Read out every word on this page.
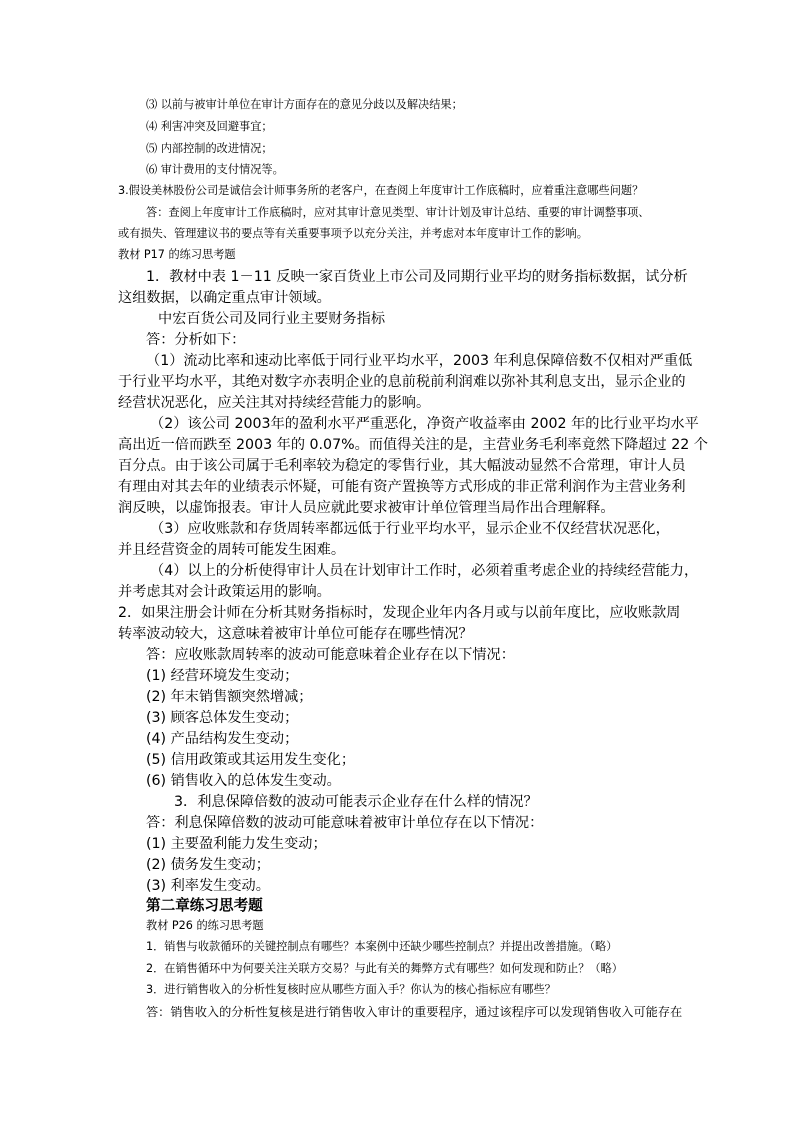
⑶ 以前与被审计单位在审计方面存在的意见分歧以及解决结果；
⑷ 利害冲突及回避事宜；
⑸ 内部控制的改进情况；
⑹ 审计费用的支付情况等。
3.假设美林股份公司是诚信会计师事务所的老客户，在查阅上年度审计工作底稿时，应着重注意哪些问题？
答：查阅上年度审计工作底稿时，应对其审计意见类型、审计计划及审计总结、重要的审计调整事项、
或有损失、管理建议书的要点等有关重要事项予以充分关注，并考虑对本年度审计工作的影响。
教材 P17 的练习思考题
1．教材中表 1－11 反映一家百货业上市公司及同期行业平均的财务指标数据，试分析
这组数据，以确定重点审计领域。
中宏百货公司及同行业主要财务指标
答：分析如下：
（1）流动比率和速动比率低于同行业平均水平，2003 年利息保障倍数不仅相对严重低
于行业平均水平，其绝对数字亦表明企业的息前税前利润难以弥补其利息支出，显示企业的
经营状况恶化，应关注其对持续经营能力的影响。
（2）该公司 2003年的盈利水平严重恶化，净资产收益率由 2002 年的比行业平均水平
高出近一倍而跌至 2003 年的 0.07%。而值得关注的是，主营业务毛利率竟然下降超过 22 个
百分点。由于该公司属于毛利率较为稳定的零售行业，其大幅波动显然不合常理，审计人员
有理由对其去年的业绩表示怀疑，可能有资产置换等方式形成的非正常利润作为主营业务利
润反映，以虚饰报表。审计人员应就此要求被审计单位管理当局作出合理解释。
（3）应收账款和存货周转率都远低于行业平均水平，显示企业不仅经营状况恶化，
并且经营资金的周转可能发生困难。
（4）以上的分析使得审计人员在计划审计工作时，必须着重考虑企业的持续经营能力，
并考虑其对会计政策运用的影响。
2．如果注册会计师在分析其财务指标时，发现企业年内各月或与以前年度比，应收账款周
转率波动较大，这意味着被审计单位可能存在哪些情况？
答：应收账款周转率的波动可能意味着企业存在以下情况：
(1) 经营环境发生变动；
(2) 年末销售额突然增减；
(3) 顾客总体发生变动；
(4) 产品结构发生变动；
(5) 信用政策或其运用发生变化；
(6) 销售收入的总体发生变动。
3．利息保障倍数的波动可能表示企业存在什么样的情况？
答：利息保障倍数的波动可能意味着被审计单位存在以下情况：
(1) 主要盈利能力发生变动；
(2) 债务发生变动；
(3) 利率发生变动。
第二章练习思考题
教材 P26 的练习思考题
1．销售与收款循环的关键控制点有哪些？本案例中还缺少哪些控制点？并提出改善措施。（略）
2．在销售循环中为何要关注关联方交易？与此有关的舞弊方式有哪些？如何发现和防止？（略）
3．进行销售收入的分析性复核时应从哪些方面入手？你认为的核心指标应有哪些？
答：销售收入的分析性复核是进行销售收入审计的重要程序，通过该程序可以发现销售收入可能存在
